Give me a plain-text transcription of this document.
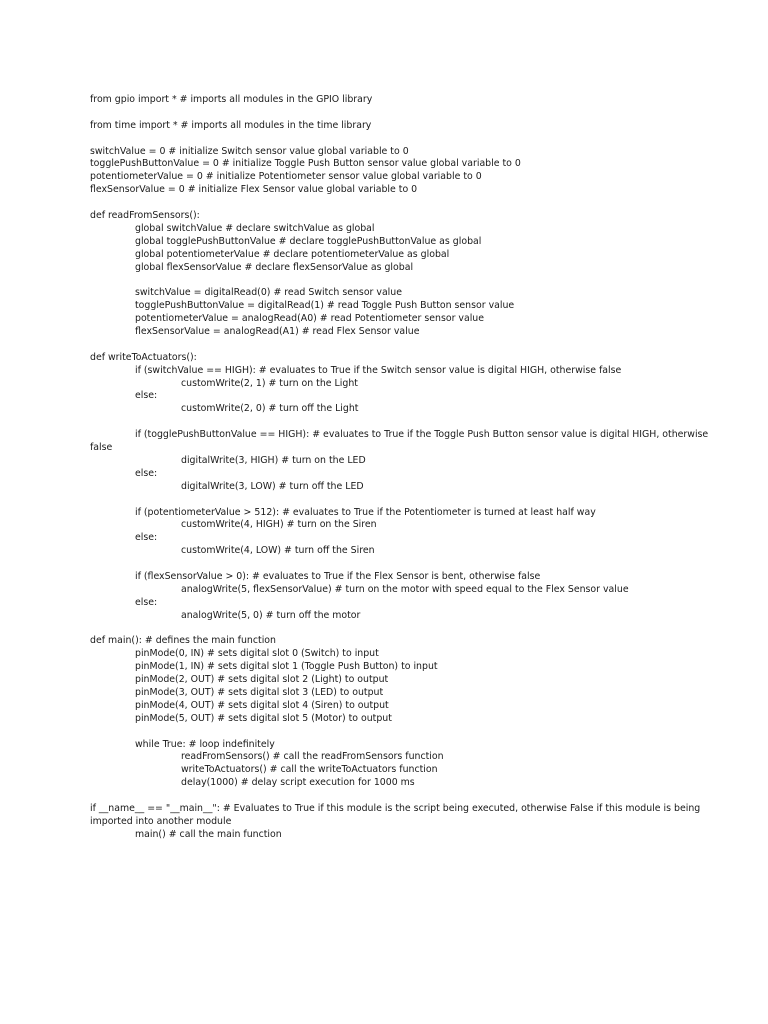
from gpio import * # imports all modules in the GPIO library
from time import * # imports all modules in the time library
switchValue = 0 # initialize Switch sensor value global variable to 0
togglePushButtonValue = 0 # initialize Toggle Push Button sensor value global variable to 0
potentiometerValue = 0 # initialize Potentiometer sensor value global variable to 0
flexSensorValue = 0 # initialize Flex Sensor value global variable to 0
def readFromSensors():
global switchValue # declare switchValue as global
global togglePushButtonValue # declare togglePushButtonValue as global
global potentiometerValue # declare potentiometerValue as global
global flexSensorValue # declare flexSensorValue as global
switchValue = digitalRead(0) # read Switch sensor value
togglePushButtonValue = digitalRead(1) # read Toggle Push Button sensor value
potentiometerValue = analogRead(A0) # read Potentiometer sensor value
flexSensorValue = analogRead(A1) # read Flex Sensor value
def writeToActuators():
if (switchValue == HIGH): # evaluates to True if the Switch sensor value is digital HIGH, otherwise false
customWrite(2, 1) # turn on the Light
else:
customWrite(2, 0) # turn off the Light
if (togglePushButtonValue == HIGH): # evaluates to True if the Toggle Push Button sensor value is digital HIGH, otherwise
false
digitalWrite(3, HIGH) # turn on the LED
else:
digitalWrite(3, LOW) # turn off the LED
if (potentiometerValue > 512): # evaluates to True if the Potentiometer is turned at least half way
customWrite(4, HIGH) # turn on the Siren
else:
customWrite(4, LOW) # turn off the Siren
if (flexSensorValue > 0): # evaluates to True if the Flex Sensor is bent, otherwise false
analogWrite(5, flexSensorValue) # turn on the motor with speed equal to the Flex Sensor value
else:
analogWrite(5, 0) # turn off the motor
def main(): # defines the main function
pinMode(0, IN) # sets digital slot 0 (Switch) to input
pinMode(1, IN) # sets digital slot 1 (Toggle Push Button) to input
pinMode(2, OUT) # sets digital slot 2 (Light) to output
pinMode(3, OUT) # sets digital slot 3 (LED) to output
pinMode(4, OUT) # sets digital slot 4 (Siren) to output
pinMode(5, OUT) # sets digital slot 5 (Motor) to output
while True: # loop indefinitely
readFromSensors() # call the readFromSensors function
writeToActuators() # call the writeToActuators function
delay(1000) # delay script execution for 1000 ms
if __name__ == "__main__": # Evaluates to True if this module is the script being executed, otherwise False if this module is being
imported into another module
main() # call the main function
